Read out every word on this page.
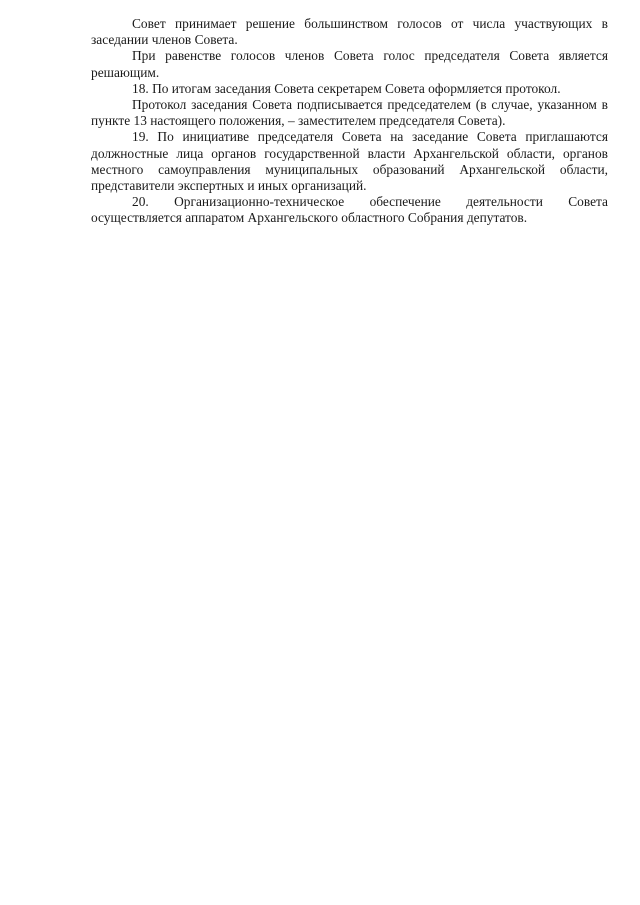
Совет принимает решение большинством голосов от числа участвующих в заседании членов Совета.

При равенстве голосов членов Совета голос председателя Совета является решающим.

18. По итогам заседания Совета секретарем Совета оформляется протокол.

Протокол заседания Совета подписывается председателем (в случае, указанном в пункте 13 настоящего положения, – заместителем председателя Совета).

19. По инициативе председателя Совета на заседание Совета приглашаются должностные лица органов государственной власти Архангельской области, органов местного самоуправления муниципальных образований Архангельской области, представители экспертных и иных организаций.

20. Организационно-техническое обеспечение деятельности Совета осуществляется аппаратом Архангельского областного Собрания депутатов.
